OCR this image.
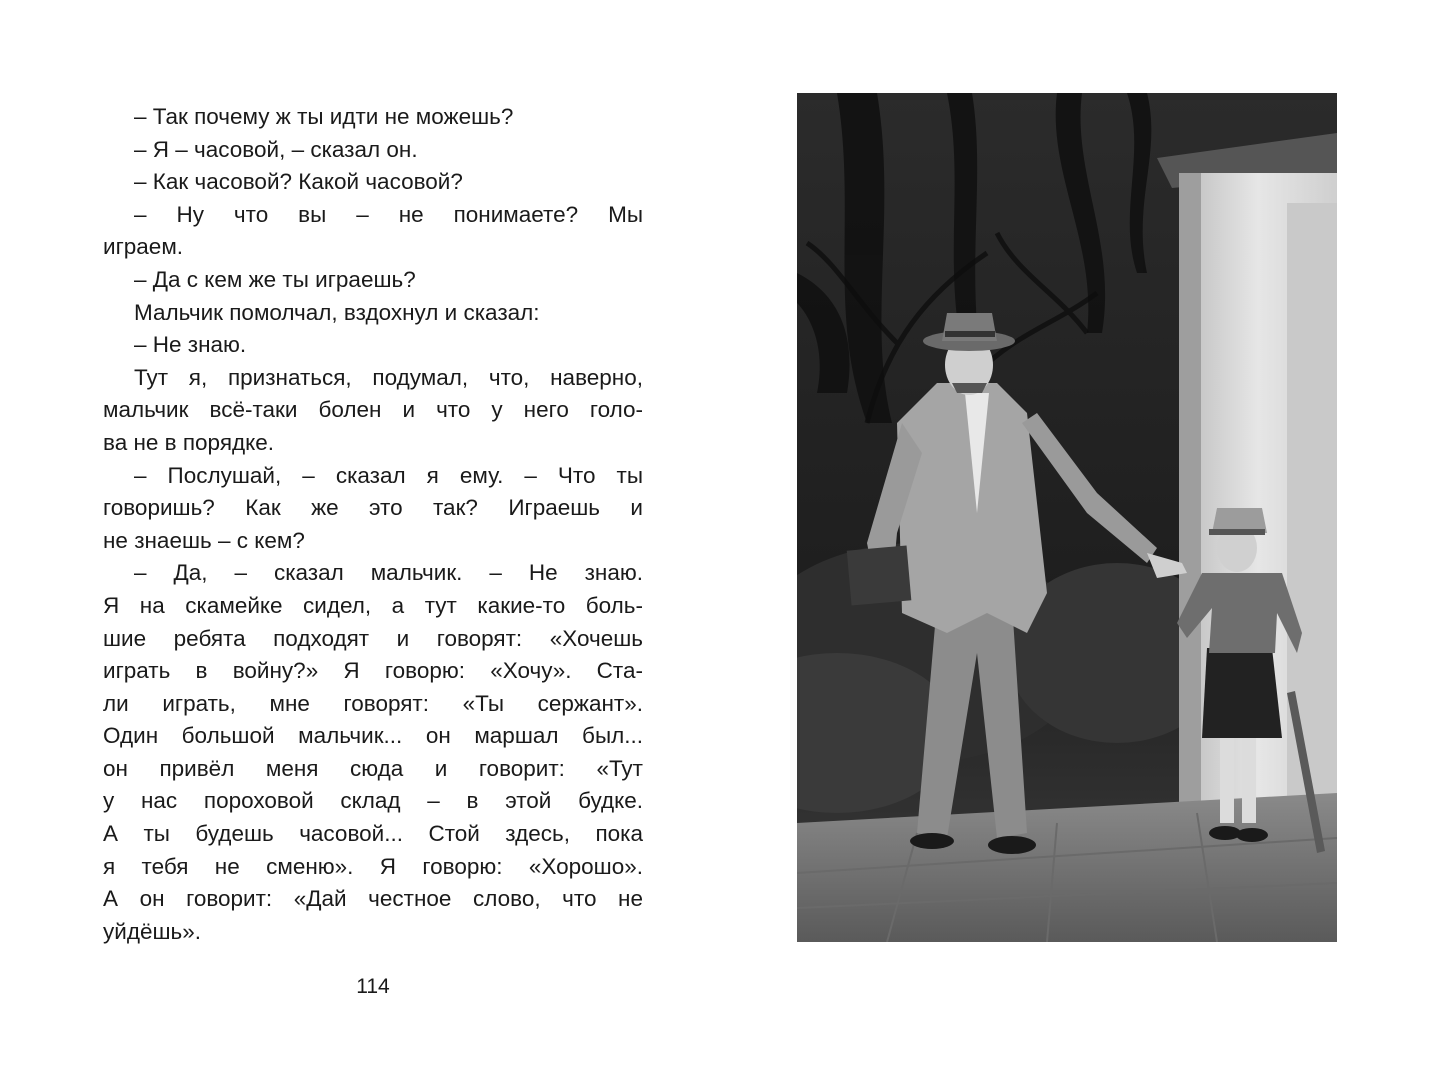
– Так почему ж ты идти не можешь?
– Я – часовой, – сказал он.
– Как часовой? Какой часовой?
– Ну что вы – не понимаете? Мы
играем.
– Да с кем же ты играешь?
Мальчик помолчал, вздохнул и сказал:
– Не знаю.
Тут я, признаться, подумал, что, наверно,
мальчик всё-таки болен и что у него голо-
ва не в порядке.
– Послушай, – сказал я ему. – Что ты
говоришь? Как же это так? Играешь и
не знаешь – с кем?
– Да, – сказал мальчик. – Не знаю.
Я на скамейке сидел, а тут какие-то боль-
шие ребята подходят и говорят: «Хочешь
играть в войну?» Я говорю: «Хочу». Ста-
ли играть, мне говорят: «Ты сержант».
Один большой мальчик... он маршал был...
он привёл меня сюда и говорит: «Тут
у нас пороховой склад – в этой будке.
А ты будешь часовой... Стой здесь, пока
я тебя не сменю». Я говорю: «Хорошо».
А он говорит: «Дай честное слово, что не
уйдёшь».
114
